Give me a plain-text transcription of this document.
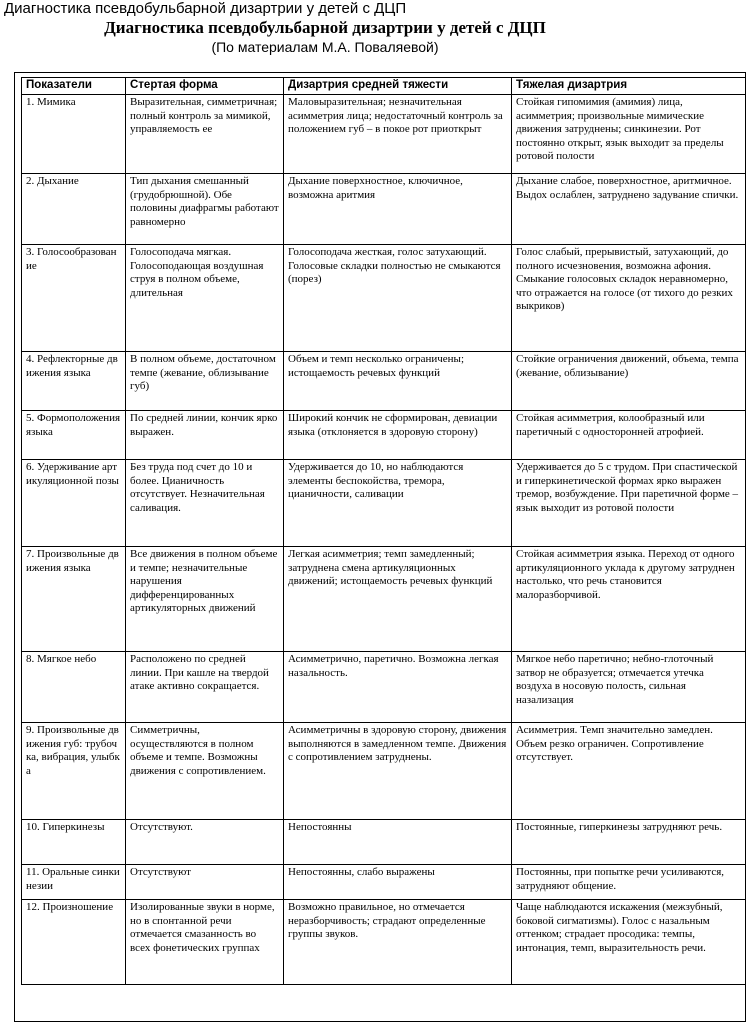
Диагностика псевдобульбарной дизартрии у детей с ДЦП
Диагностика псевдобульбарной дизартрии у детей с ДЦП
(По материалам М.А. Поваляевой)
Показатели	Стертая форма	Дизартрия средней тяжести	Тяжелая дизартрия
1. Мимика	Выразительная, симметричная; полный контроль за мимикой, управляемость ее	Маловыразительная; незначительная асимметрия лица; недостаточный контроль за положением губ – в покое рот приоткрыт	Стойкая гипомимия (амимия) лица, асимметрия; произвольные мимические движения затруднены; синкинезии. Рот постоянно открыт, язык выходит за пределы ротовой полости
2. Дыхание	Тип дыхания смешанный (грудобрюшной). Обе половины диафрагмы работают равномерно	Дыхание поверхностное, ключичное, возможна аритмия	Дыхание слабое, поверхностное, аритмичное. Выдох ослаблен, затруднено задувание спички.
3. Голосообразование	Голосоподача мягкая. Голосоподающая воздушная струя в полном объеме, длительная	Голосоподача жесткая, голос затухающий. Голосовые складки полностью не смыкаются (порез)	Голос слабый, прерывистый, затухающий, до полного исчезновения, возможна афония. Смыкание голосовых складок неравномерно, что отражается на голосе (от тихого до резких выкриков)
4. Рефлекторные движения языка	В полном объеме, достаточном темпе (жевание, облизывание губ)	Объем и темп несколько ограничены; истощаемость речевых функций	Стойкие ограничения движений, объема, темпа (жевание, облизывание)
5. Формоположения языка	По средней линии, кончик ярко выражен.	Широкий кончик не сформирован, девиации языка (отклоняется в здоровую сторону)	Стойкая асимметрия, колообразный или паретичный с односторонней атрофией.
6. Удерживание артикуляционной позы	Без труда под счет до 10 и более. Цианичность отсутствует. Незначительная саливация.	Удерживается до 10, но наблюдаются элементы беспокойства, тремора, цианичности, саливации	Удерживается до 5 с трудом. При спастической и гиперкинетической формах ярко выражен тремор, возбуждение. При паретичной форме – язык выходит из ротовой полости
7. Произвольные движения языка	Все движения в полном объеме и темпе; незначительные нарушения дифференцированных артикуляторных движений	Легкая асимметрия; темп замедленный; затруднена смена артикуляционных движений; истощаемость речевых функций	Стойкая асимметрия языка. Переход от одного артикуляционного уклада к другому затруднен настолько, что речь становится малоразборчивой.
8. Мягкое небо	Расположено по средней линии. При кашле на твердой атаке активно сокращается.	Асимметрично, паретично. Возможна легкая назальность.	Мягкое небо паретично; небно-глоточный затвор не образуется; отмечается утечка воздуха в носовую полость, сильная назализация
9. Произвольные движения губ: трубочка, вибрация, улыбка	Симметричны, осуществляются в полном объеме и темпе. Возможны движения с сопротивлением.	Асимметричны в здоровую сторону, движения выполняются в замедленном темпе. Движения с сопротивлением затруднены.	Асимметрия. Темп значительно замедлен. Объем резко ограничен. Сопротивление отсутствует.
10. Гиперкинезы	Отсутствуют.	Непостоянны	Постоянные, гиперкинезы затрудняют речь.
11. Оральные синкинезии	Отсутствуют	Непостоянны, слабо выражены	Постоянны, при попытке речи усиливаются, затрудняют общение.
12. Произношение	Изолированные звуки в норме, но в спонтанной речи отмечается смазанность во всех фонетических группах	Возможно правильное, но отмечается неразборчивость; страдают определенные группы звуков.	Чаще наблюдаются искажения (межзубный, боковой сигматизмы). Голос с назальным оттенком; страдает просодика: темпы, интонация, темп, выразительность речи.
